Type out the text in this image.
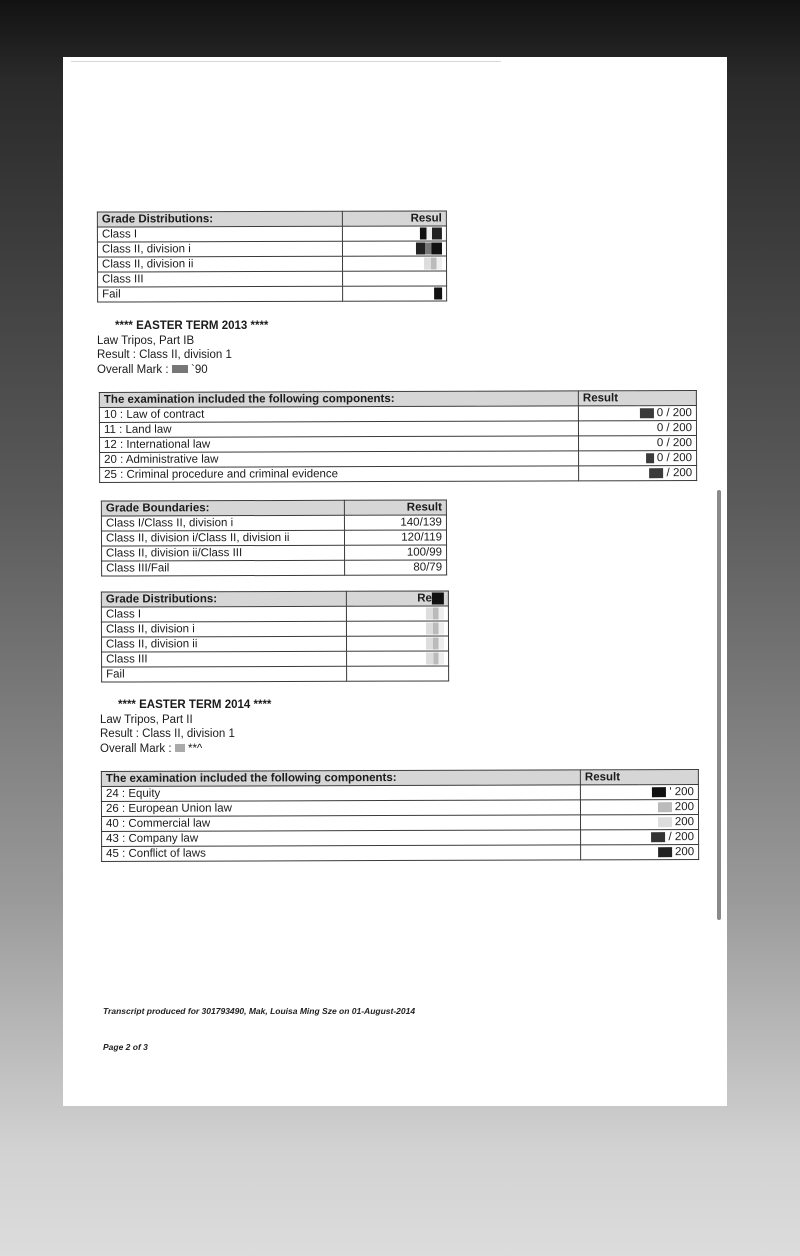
Grade Distributions:	Resul
Class I	
Class II, division i	
Class II, division ii	
Class III	
Fail	
**** EASTER TERM 2013 ****
Law Tripos, Part IB
Result : Class II, division 1
Overall Mark : `90
The examination included the following components:	Result
10 : Law of contract	0 / 200
11 : Land law	0 / 200
12 : International law	0 / 200
20 : Administrative law	0 / 200
25 : Criminal procedure and criminal evidence	/ 200
Grade Boundaries:	Result
Class I/Class II, division i	140/139
Class II, division i/Class II, division ii	120/119
Class II, division ii/Class III	100/99
Class III/Fail	80/79
Grade Distributions:	Re
Class I	
Class II, division i	
Class II, division ii	
Class III	
Fail	
**** EASTER TERM 2014 ****
Law Tripos, Part II
Result : Class II, division 1
Overall Mark : **^
The examination included the following components:	Result
24 : Equity	' 200
26 : European Union law	200
40 : Commercial law	200
43 : Company law	/ 200
45 : Conflict of laws	200
Transcript produced for 301793490, Mak, Louisa Ming Sze on 01-August-2014
Page 2 of 3
